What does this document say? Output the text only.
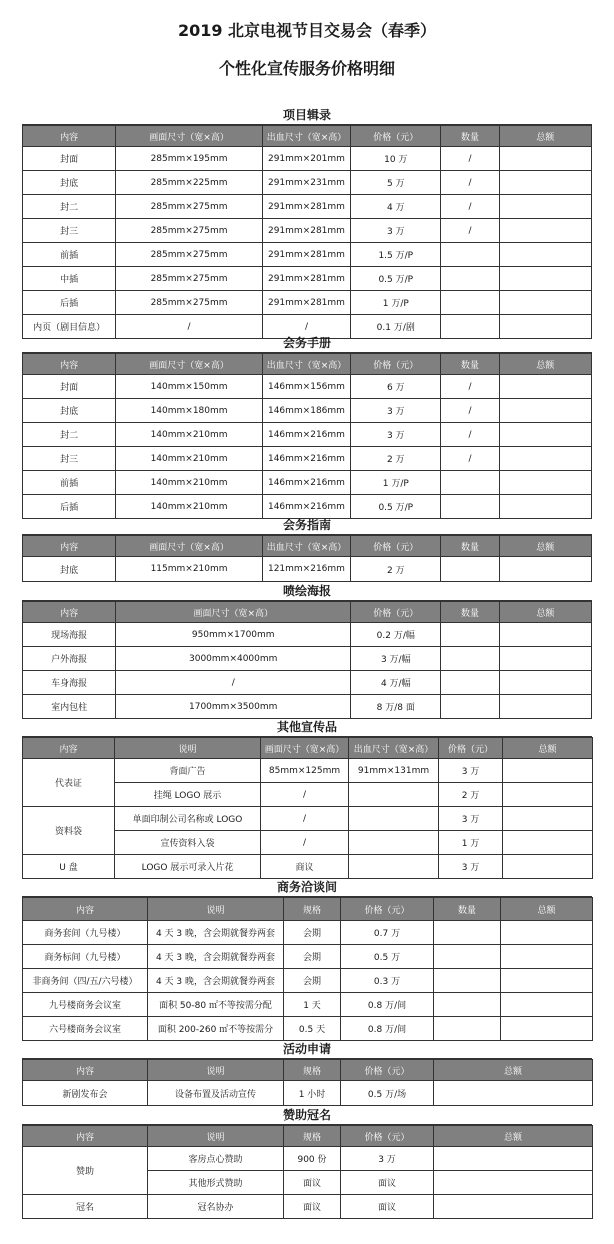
2019 北京电视节目交易会（春季）
个性化宣传服务价格明细
项目辑录
内容	画面尺寸（宽×高）	出血尺寸（宽×高）	价格（元）	数量	总额
封面	285mm×195mm	291mm×201mm	10 万	/	
封底	285mm×225mm	291mm×231mm	5 万	/	
封二	285mm×275mm	291mm×281mm	4 万	/	
封三	285mm×275mm	291mm×281mm	3 万	/	
前插	285mm×275mm	291mm×281mm	1.5 万/P		
中插	285mm×275mm	291mm×281mm	0.5 万/P		
后插	285mm×275mm	291mm×281mm	1 万/P		
内页（剧目信息）	/	/	0.1 万/剧		
会务手册
内容	画面尺寸（宽×高）	出血尺寸（宽×高）	价格（元）	数量	总额
封面	140mm×150mm	146mm×156mm	6 万	/	
封底	140mm×180mm	146mm×186mm	3 万	/	
封二	140mm×210mm	146mm×216mm	3 万	/	
封三	140mm×210mm	146mm×216mm	2 万	/	
前插	140mm×210mm	146mm×216mm	1 万/P		
后插	140mm×210mm	146mm×216mm	0.5 万/P		
会务指南
内容	画面尺寸（宽×高）	出血尺寸（宽×高）	价格（元）	数量	总额
封底	115mm×210mm	121mm×216mm	2 万		
喷绘海报
内容	画面尺寸（宽×高）	价格（元）	数量	总额
现场海报	950mm×1700mm	0.2 万/幅		
户外海报	3000mm×4000mm	3 万/幅		
车身海报	/	4 万/幅		
室内包柱	1700mm×3500mm	8 万/8 面		
其他宣传品
内容	说明	画面尺寸（宽×高）	出血尺寸（宽×高）	价格（元）	总额
代表证	背面广告	85mm×125mm	91mm×131mm	3 万	
	挂绳 LOGO 展示	/		2 万	
资料袋	单面印制公司名称或 LOGO	/		3 万	
	宣传资料入袋	/		1 万	
U 盘	LOGO 展示可录入片花	商议		3 万	
商务洽谈间
内容	说明	规格	价格（元）	数量	总额
商务套间（九号楼）	4 天 3 晚，含会期就餐券两套	会期	0.7 万		
商务标间（九号楼）	4 天 3 晚，含会期就餐券两套	会期	0.5 万		
非商务间（四/五/六号楼）	4 天 3 晚，含会期就餐券两套	会期	0.3 万		
九号楼商务会议室	面积 50-80 ㎡不等按需分配	1 天	0.8 万/间		
六号楼商务会议室	面积 200-260 ㎡不等按需分	0.5 天	0.8 万/间		
活动申请
内容	说明	规格	价格（元）	总额
新剧发布会	设备布置及活动宣传	1 小时	0.5 万/场	
赞助冠名
内容	说明	规格	价格（元）	总额
赞助	客房点心赞助	900 份	3 万	
	其他形式赞助	面议	面议	
冠名	冠名协办	面议	面议	
